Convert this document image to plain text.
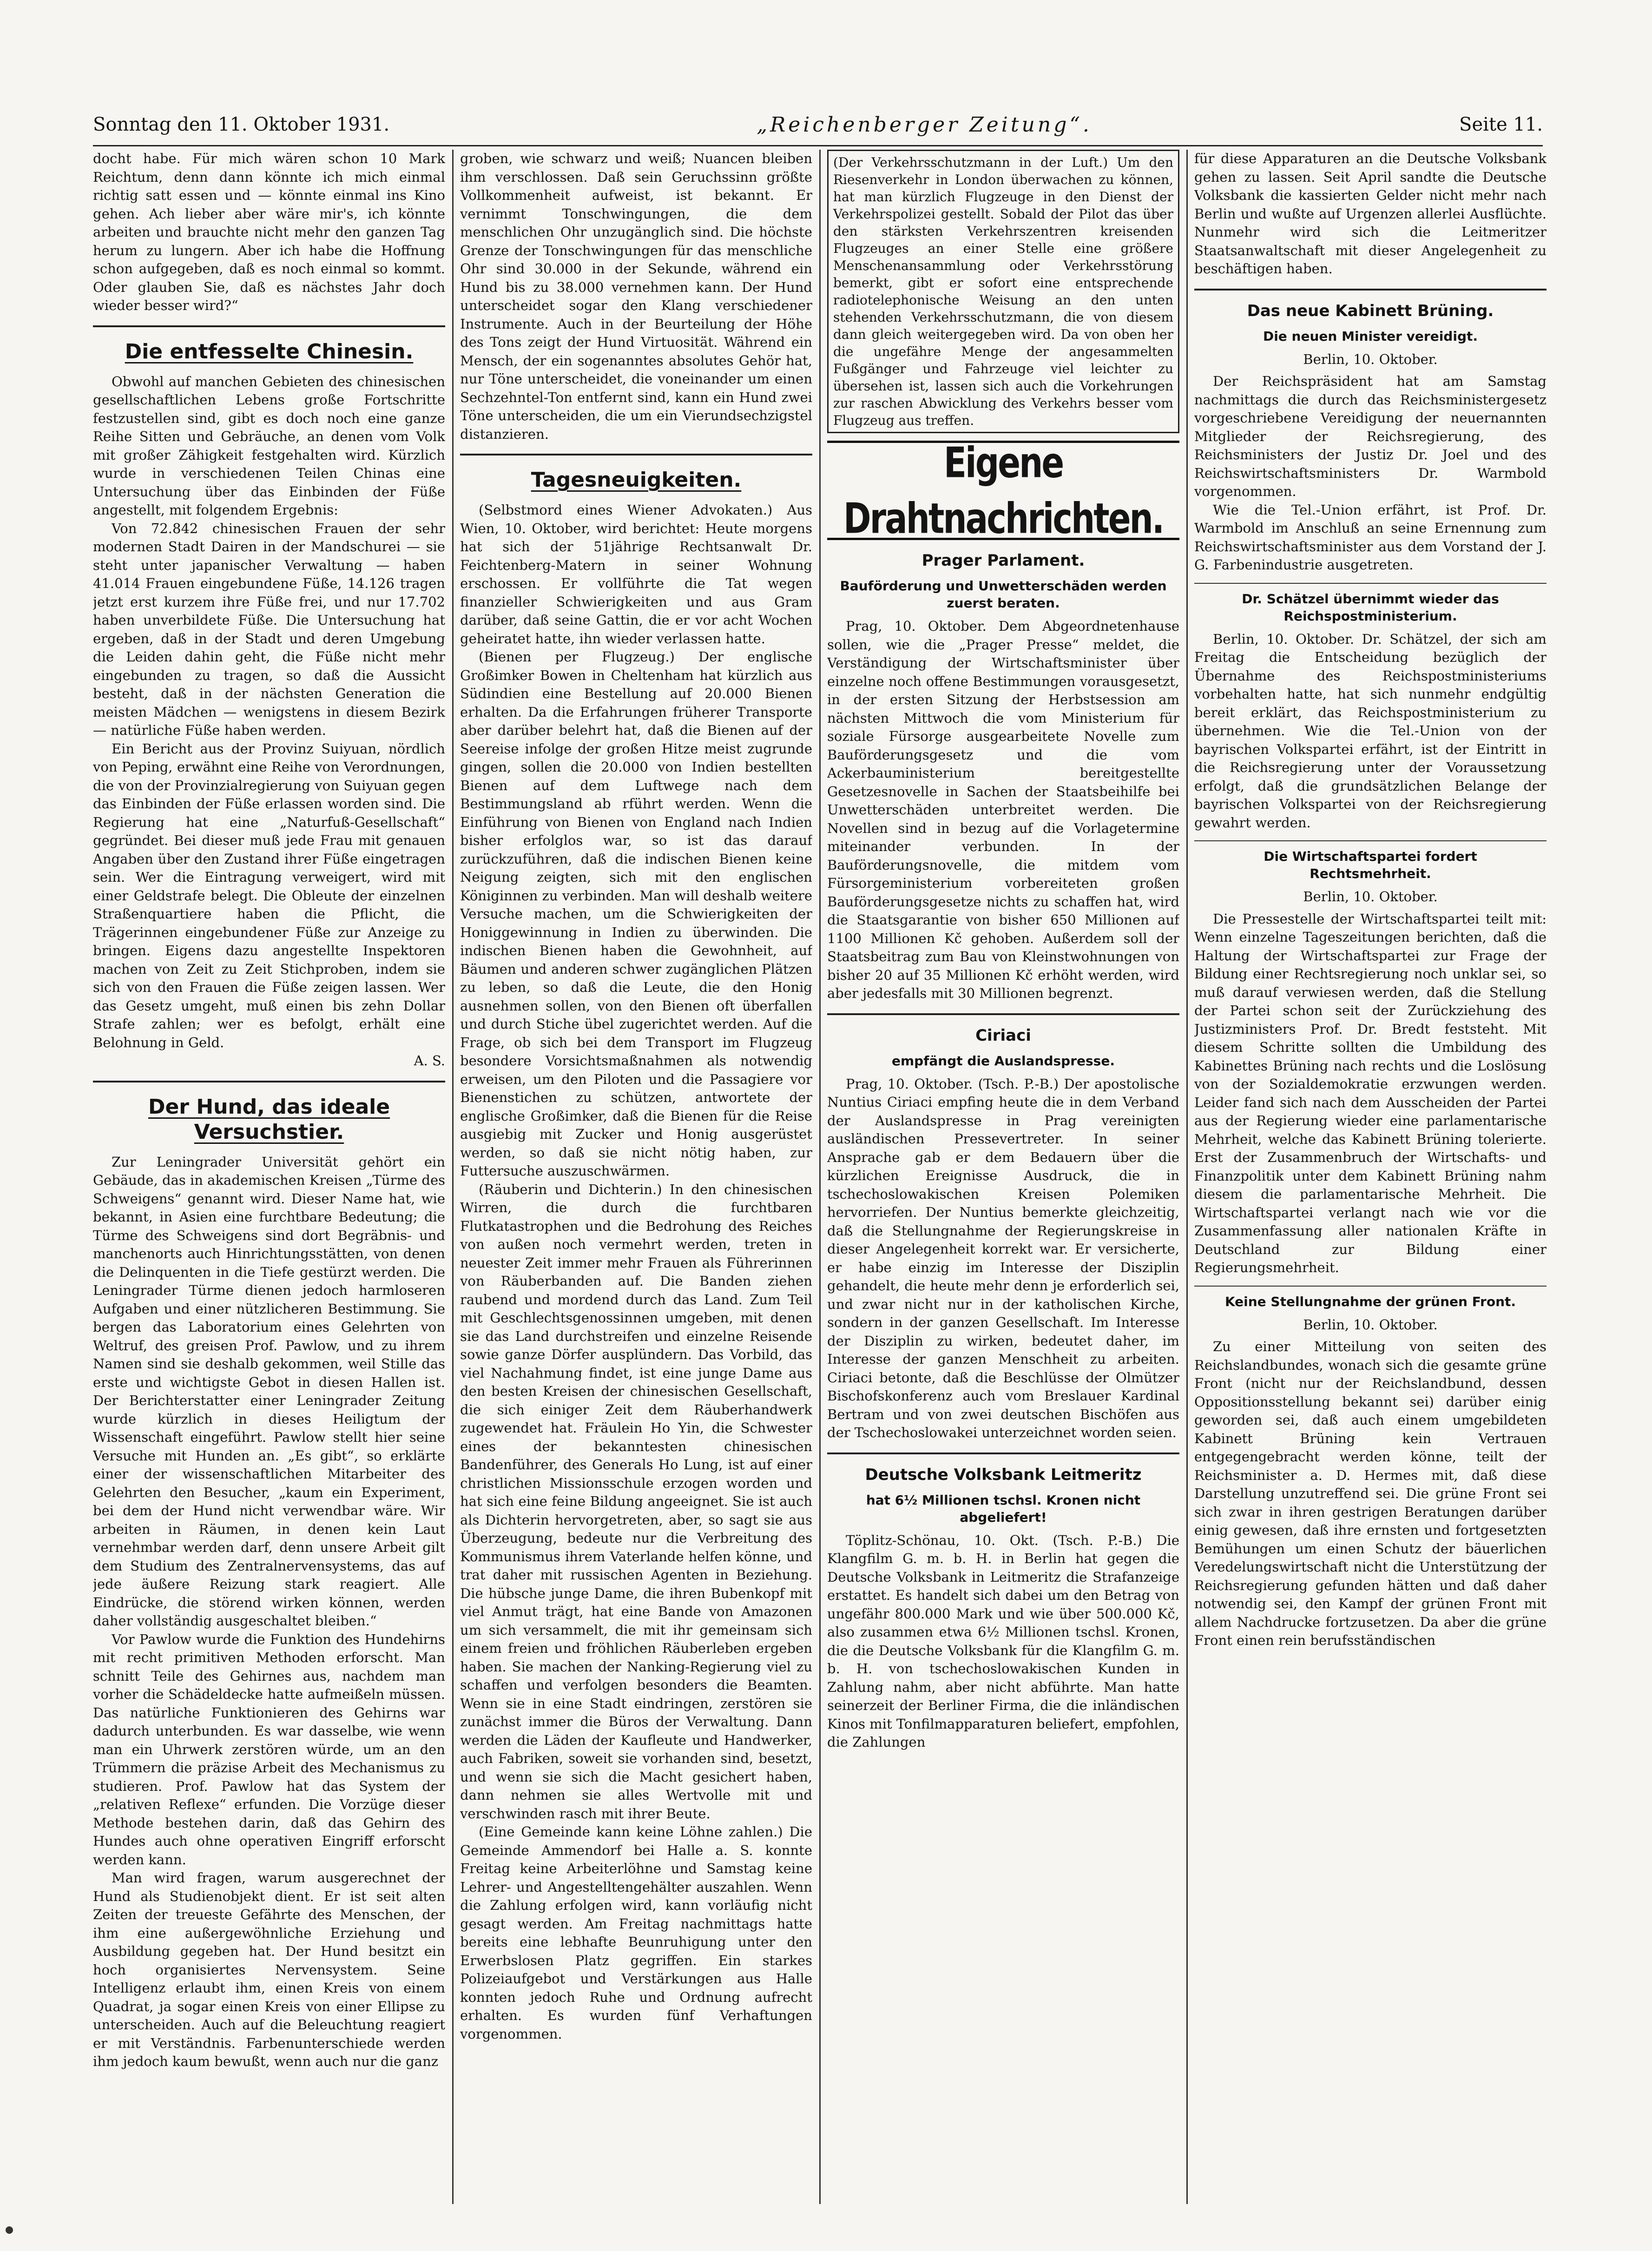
Sonntag den 11. Oktober 1931.	„Reichenberger Zeitung“.	Seite 11.

docht habe. Für mich wären schon 10 Mark Reichtum, denn dann könnte ich mich einmal richtig satt essen und — könnte einmal ins Kino gehen. Ach lieber aber wäre mir's, ich könnte arbeiten und brauchte nicht mehr den ganzen Tag herum zu lungern. Aber ich habe die Hoffnung schon aufgegeben, daß es noch einmal so kommt. Oder glauben Sie, daß es nächstes Jahr doch wieder besser wird?“

Die entfesselte Chinesin.

Obwohl auf manchen Gebieten des chinesischen gesellschaftlichen Lebens große Fortschritte festzustellen sind, gibt es doch noch eine ganze Reihe Sitten und Gebräuche, an denen vom Volk mit großer Zähigkeit festgehalten wird. Kürzlich wurde in verschiedenen Teilen Chinas eine Untersuchung über das Einbinden der Füße angestellt, mit folgendem Ergebnis:

Von 72.842 chinesischen Frauen der sehr modernen Stadt Dairen in der Mandschurei — sie steht unter japanischer Verwaltung — haben 41.014 Frauen eingebundene Füße, 14.126 tragen jetzt erst kurzem ihre Füße frei, und nur 17.702 haben unverbildete Füße. Die Untersuchung hat ergeben, daß in der Stadt und deren Umgebung die Leiden dahin geht, die Füße nicht mehr eingebunden zu tragen, so daß die Aussicht besteht, daß in der nächsten Generation die meisten Mädchen — wenigstens in diesem Bezirk — natürliche Füße haben werden.

Ein Bericht aus der Provinz Suiyuan, nördlich von Peping, erwähnt eine Reihe von Verordnungen, die von der Provinzialregierung von Suiyuan gegen das Einbinden der Füße erlassen worden sind. Die Regierung hat eine „Naturfuß-Gesellschaft“ gegründet. Bei dieser muß jede Frau mit genauen Angaben über den Zustand ihrer Füße eingetragen sein. Wer die Eintragung verweigert, wird mit einer Geldstrafe belegt. Die Obleute der einzelnen Straßenquartiere haben die Pflicht, die Trägerinnen eingebundener Füße zur Anzeige zu bringen. Eigens dazu angestellte Inspektoren machen von Zeit zu Zeit Stichproben, indem sie sich von den Frauen die Füße zeigen lassen. Wer das Gesetz umgeht, muß einen bis zehn Dollar Strafe zahlen; wer es befolgt, erhält eine Belohnung in Geld.

A. S.

Der Hund, das ideale Versuchstier.

Zur Leningrader Universität gehört ein Gebäude, das in akademischen Kreisen „Türme des Schweigens“ genannt wird. Dieser Name hat, wie bekannt, in Asien eine furchtbare Bedeutung; die Türme des Schweigens sind dort Begräbnis- und manchenorts auch Hinrichtungsstätten, von denen die Delinquenten in die Tiefe gestürzt werden. Die Leningrader Türme dienen jedoch harmloseren Aufgaben und einer nützlicheren Bestimmung. Sie bergen das Laboratorium eines Gelehrten von Weltruf, des greisen Prof. Pawlow, und zu ihrem Namen sind sie deshalb gekommen, weil Stille das erste und wichtigste Gebot in diesen Hallen ist. Der Berichterstatter einer Leningrader Zeitung wurde kürzlich in dieses Heiligtum der Wissenschaft eingeführt. Pawlow stellt hier seine Versuche mit Hunden an. „Es gibt“, so erklärte einer der wissenschaftlichen Mitarbeiter des Gelehrten den Besucher, „kaum ein Experiment, bei dem der Hund nicht verwendbar wäre. Wir arbeiten in Räumen, in denen kein Laut vernehmbar werden darf, denn unsere Arbeit gilt dem Studium des Zentralnervensystems, das auf jede äußere Reizung stark reagiert. Alle Eindrücke, die störend wirken können, werden daher vollständig ausgeschaltet bleiben.“

Vor Pawlow wurde die Funktion des Hundehirns mit recht primitiven Methoden erforscht. Man schnitt Teile des Gehirnes aus, nachdem man vorher die Schädeldecke hatte aufmeißeln müssen. Das natürliche Funktionieren des Gehirns war dadurch unterbunden. Es war dasselbe, wie wenn man ein Uhrwerk zerstören würde, um an den Trümmern die präzise Arbeit des Mechanismus zu studieren. Prof. Pawlow hat das System der „relativen Reflexe“ erfunden. Die Vorzüge dieser Methode bestehen darin, daß das Gehirn des Hundes auch ohne operativen Eingriff erforscht werden kann.

Man wird fragen, warum ausgerechnet der Hund als Studienobjekt dient. Er ist seit alten Zeiten der treueste Gefährte des Menschen, der ihm eine außergewöhnliche Erziehung und Ausbildung gegeben hat. Der Hund besitzt ein hoch organisiertes Nervensystem. Seine Intelligenz erlaubt ihm, einen Kreis von einem Quadrat, ja sogar einen Kreis von einer Ellipse zu unterscheiden. Auch auf die Beleuchtung reagiert er mit Verständnis. Farbenunterschiede werden ihm jedoch kaum bewußt, wenn auch nur die ganz

groben, wie schwarz und weiß; Nuancen bleiben ihm verschlossen. Daß sein Geruchssinn größte Vollkommenheit aufweist, ist bekannt. Er vernimmt Tonschwingungen, die dem menschlichen Ohr unzugänglich sind. Die höchste Grenze der Tonschwingungen für das menschliche Ohr sind 30.000 in der Sekunde, während ein Hund bis zu 38.000 vernehmen kann. Der Hund unterscheidet sogar den Klang verschiedener Instrumente. Auch in der Beurteilung der Höhe des Tons zeigt der Hund Virtuosität. Während ein Mensch, der ein sogenanntes absolutes Gehör hat, nur Töne unterscheidet, die voneinander um einen Sechzehntel-Ton entfernt sind, kann ein Hund zwei Töne unterscheiden, die um ein Vierundsechzigstel distanzieren.

Tagesneuigkeiten.

(Selbstmord eines Wiener Advokaten.) Aus Wien, 10. Oktober, wird berichtet: Heute morgens hat sich der 51jährige Rechtsanwalt Dr. Feichtenberg-Matern in seiner Wohnung erschossen. Er vollführte die Tat wegen finanzieller Schwierigkeiten und aus Gram darüber, daß seine Gattin, die er vor acht Wochen geheiratet hatte, ihn wieder verlassen hatte.

(Bienen per Flugzeug.) Der englische Großimker Bowen in Cheltenham hat kürzlich aus Südindien eine Bestellung auf 20.000 Bienen erhalten. Da die Erfahrungen früherer Transporte aber darüber belehrt hat, daß die Bienen auf der Seereise infolge der großen Hitze meist zugrunde gingen, sollen die 20.000 von Indien bestellten Bienen auf dem Luftwege nach dem Bestimmungsland ab rführt werden. Wenn die Einführung von Bienen von England nach Indien bisher erfolglos war, so ist das darauf zurückzuführen, daß die indischen Bienen keine Neigung zeigten, sich mit den englischen Königinnen zu verbinden. Man will deshalb weitere Versuche machen, um die Schwierigkeiten der Honiggewinnung in Indien zu überwinden. Die indischen Bienen haben die Gewohnheit, auf Bäumen und anderen schwer zugänglichen Plätzen zu leben, so daß die Leute, die den Honig ausnehmen sollen, von den Bienen oft überfallen und durch Stiche übel zugerichtet werden. Auf die Frage, ob sich bei dem Transport im Flugzeug besondere Vorsichtsmaßnahmen als notwendig erweisen, um den Piloten und die Passagiere vor Bienenstichen zu schützen, antwortete der englische Großimker, daß die Bienen für die Reise ausgiebig mit Zucker und Honig ausgerüstet werden, so daß sie nicht nötig haben, zur Futtersuche auszuschwärmen.

(Räuberin und Dichterin.) In den chinesischen Wirren, die durch die furchtbaren Flutkatastrophen und die Bedrohung des Reiches von außen noch vermehrt werden, treten in neuester Zeit immer mehr Frauen als Führerinnen von Räuberbanden auf. Die Banden ziehen raubend und mordend durch das Land. Zum Teil mit Geschlechtsgenossinnen umgeben, mit denen sie das Land durchstreifen und einzelne Reisende sowie ganze Dörfer ausplündern. Das Vorbild, das viel Nachahmung findet, ist eine junge Dame aus den besten Kreisen der chinesischen Gesellschaft, die sich einiger Zeit dem Räuberhandwerk zugewendet hat. Fräulein Ho Yin, die Schwester eines der bekanntesten chinesischen Bandenführer, des Generals Ho Lung, ist auf einer christlichen Missionsschule erzogen worden und hat sich eine feine Bildung angeeignet. Sie ist auch als Dichterin hervorgetreten, aber, so sagt sie aus Überzeugung, bedeute nur die Verbreitung des Kommunismus ihrem Vaterlande helfen könne, und trat daher mit russischen Agenten in Beziehung. Die hübsche junge Dame, die ihren Bubenkopf mit viel Anmut trägt, hat eine Bande von Amazonen um sich versammelt, die mit ihr gemeinsam sich einem freien und fröhlichen Räuberleben ergeben haben. Sie machen der Nanking-Regierung viel zu schaffen und verfolgen besonders die Beamten. Wenn sie in eine Stadt eindringen, zerstören sie zunächst immer die Büros der Verwaltung. Dann werden die Läden der Kaufleute und Handwerker, auch Fabriken, soweit sie vorhanden sind, besetzt, und wenn sie sich die Macht gesichert haben, dann nehmen sie alles Wertvolle mit und verschwinden rasch mit ihrer Beute.

(Eine Gemeinde kann keine Löhne zahlen.) Die Gemeinde Ammendorf bei Halle a. S. konnte Freitag keine Arbeiterlöhne und Samstag keine Lehrer- und Angestelltengehälter auszahlen. Wenn die Zahlung erfolgen wird, kann vorläufig nicht gesagt werden. Am Freitag nachmittags hatte bereits eine lebhafte Beunruhigung unter den Erwerbslosen Platz gegriffen. Ein starkes Polizeiaufgebot und Verstärkungen aus Halle konnten jedoch Ruhe und Ordnung aufrecht erhalten. Es wurden fünf Verhaftungen vorgenommen.

(Der Verkehrsschutzmann in der Luft.) Um den Riesenverkehr in London überwachen zu können, hat man kürzlich Flugzeuge in den Dienst der Verkehrspolizei gestellt. Sobald der Pilot das über den stärksten Verkehrszentren kreisenden Flugzeuges an einer Stelle eine größere Menschenansammlung oder Verkehrsstörung bemerkt, gibt er sofort eine entsprechende radiotelephonische Weisung an den unten stehenden Verkehrsschutzmann, die von diesem dann gleich weitergegeben wird. Da von oben her die ungefähre Menge der angesammelten Fußgänger und Fahrzeuge viel leichter zu übersehen ist, lassen sich auch die Vorkehrungen zur raschen Abwicklung des Verkehrs besser vom Flugzeug aus treffen.

Eigene Drahtnachrichten.
Prager Parlament.
Bauförderung und Unwetterschäden werden zuerst beraten.

Prag, 10. Oktober. Dem Abgeordnetenhause sollen, wie die „Prager Presse“ meldet, die Verständigung der Wirtschaftsminister über einzelne noch offene Bestimmungen vorausgesetzt, in der ersten Sitzung der Herbstsession am nächsten Mittwoch die vom Ministerium für soziale Fürsorge ausgearbeitete Novelle zum Bauförderungsgesetz und die vom Ackerbauministerium bereitgestellte Gesetzesnovelle in Sachen der Staatsbeihilfe bei Unwetterschäden unterbreitet werden. Die Novellen sind in bezug auf die Vorlagetermine miteinander verbunden. In der Bauförderungsnovelle, die mitdem vom Fürsorgeministerium vorbereiteten großen Bauförderungsgesetze nichts zu schaffen hat, wird die Staatsgarantie von bisher 650 Millionen auf 1100 Millionen Kč gehoben. Außerdem soll der Staatsbeitrag zum Bau von Kleinstwohnungen von bisher 20 auf 35 Millionen Kč erhöht werden, wird aber jedesfalls mit 30 Millionen begrenzt.

Ciriaci
empfängt die Auslandspresse.

Prag, 10. Oktober. (Tsch. P.-B.) Der apostolische Nuntius Ciriaci empfing heute die in dem Verband der Auslandspresse in Prag vereinigten ausländischen Pressevertreter. In seiner Ansprache gab er dem Bedauern über die kürzlichen Ereignisse Ausdruck, die in tschechoslowakischen Kreisen Polemiken hervorriefen. Der Nuntius bemerkte gleichzeitig, daß die Stellungnahme der Regierungskreise in dieser Angelegenheit korrekt war. Er versicherte, er habe einzig im Interesse der Disziplin gehandelt, die heute mehr denn je erforderlich sei, und zwar nicht nur in der katholischen Kirche, sondern in der ganzen Gesellschaft. Im Interesse der Disziplin zu wirken, bedeutet daher, im Interesse der ganzen Menschheit zu arbeiten. Ciriaci betonte, daß die Beschlüsse der Olmützer Bischofskonferenz auch vom Breslauer Kardinal Bertram und von zwei deutschen Bischöfen aus der Tschechoslowakei unterzeichnet worden seien.

Deutsche Volksbank Leitmeritz
hat 6½ Millionen tschsl. Kronen nicht abgeliefert!

Töplitz-Schönau, 10. Okt. (Tsch. P.-B.) Die Klangfilm G. m. b. H. in Berlin hat gegen die Deutsche Volksbank in Leitmeritz die Strafanzeige erstattet. Es handelt sich dabei um den Betrag von ungefähr 800.000 Mark und wie über 500.000 Kč, also zusammen etwa 6½ Millionen tschsl. Kronen, die die Deutsche Volksbank für die Klangfilm G. m. b. H. von tschechoslowakischen Kunden in Zahlung nahm, aber nicht abführte. Man hatte seinerzeit der Berliner Firma, die die inländischen Kinos mit Tonfilmapparaturen beliefert, empfohlen, die Zahlungen

für diese Apparaturen an die Deutsche Volksbank gehen zu lassen. Seit April sandte die Deutsche Volksbank die kassierten Gelder nicht mehr nach Berlin und wußte auf Urgenzen allerlei Ausflüchte. Nunmehr wird sich die Leitmeritzer Staatsanwaltschaft mit dieser Angelegenheit zu beschäftigen haben.

Das neue Kabinett Brüning.
Die neuen Minister vereidigt.

Berlin, 10. Oktober.

Der Reichspräsident hat am Samstag nachmittags die durch das Reichsministergesetz vorgeschriebene Vereidigung der neuernannten Mitglieder der Reichsregierung, des Reichsministers der Justiz Dr. Joel und des Reichswirtschaftsministers Dr. Warmbold vorgenommen.

Wie die Tel.-Union erfährt, ist Prof. Dr. Warmbold im Anschluß an seine Ernennung zum Reichswirtschaftsminister aus dem Vorstand der J. G. Farbenindustrie ausgetreten.

Dr. Schätzel übernimmt wieder das Reichspostministerium.

Berlin, 10. Oktober. Dr. Schätzel, der sich am Freitag die Entscheidung bezüglich der Übernahme des Reichspostministeriums vorbehalten hatte, hat sich nunmehr endgültig bereit erklärt, das Reichspostministerium zu übernehmen. Wie die Tel.-Union von der bayrischen Volkspartei erfährt, ist der Eintritt in die Reichsregierung unter der Voraussetzung erfolgt, daß die grundsätzlichen Belange der bayrischen Volkspartei von der Reichsregierung gewahrt werden.

Die Wirtschaftspartei fordert Rechtsmehrheit.

Berlin, 10. Oktober.

Die Pressestelle der Wirtschaftspartei teilt mit: Wenn einzelne Tageszeitungen berichten, daß die Haltung der Wirtschaftspartei zur Frage der Bildung einer Rechtsregierung noch unklar sei, so muß darauf verwiesen werden, daß die Stellung der Partei schon seit der Zurückziehung des Justizministers Prof. Dr. Bredt feststeht. Mit diesem Schritte sollten die Umbildung des Kabinettes Brüning nach rechts und die Loslösung von der Sozialdemokratie erzwungen werden. Leider fand sich nach dem Ausscheiden der Partei aus der Regierung wieder eine parlamentarische Mehrheit, welche das Kabinett Brüning tolerierte. Erst der Zusammenbruch der Wirtschafts- und Finanzpolitik unter dem Kabinett Brüning nahm diesem die parlamentarische Mehrheit. Die Wirtschaftspartei verlangt nach wie vor die Zusammenfassung aller nationalen Kräfte in Deutschland zur Bildung einer Regierungsmehrheit.

Keine Stellungnahme der grünen Front.

Berlin, 10. Oktober.

Zu einer Mitteilung von seiten des Reichslandbundes, wonach sich die gesamte grüne Front (nicht nur der Reichslandbund, dessen Oppositionsstellung bekannt sei) darüber einig geworden sei, daß auch einem umgebildeten Kabinett Brüning kein Vertrauen entgegengebracht werden könne, teilt der Reichsminister a. D. Hermes mit, daß diese Darstellung unzutreffend sei. Die grüne Front sei sich zwar in ihren gestrigen Beratungen darüber einig gewesen, daß ihre ernsten und fortgesetzten Bemühungen um einen Schutz der bäuerlichen Veredelungswirtschaft nicht die Unterstützung der Reichsregierung gefunden hätten und daß daher notwendig sei, den Kampf der grünen Front mit allem Nachdrucke fortzusetzen. Da aber die grüne Front einen rein berufsständischen
